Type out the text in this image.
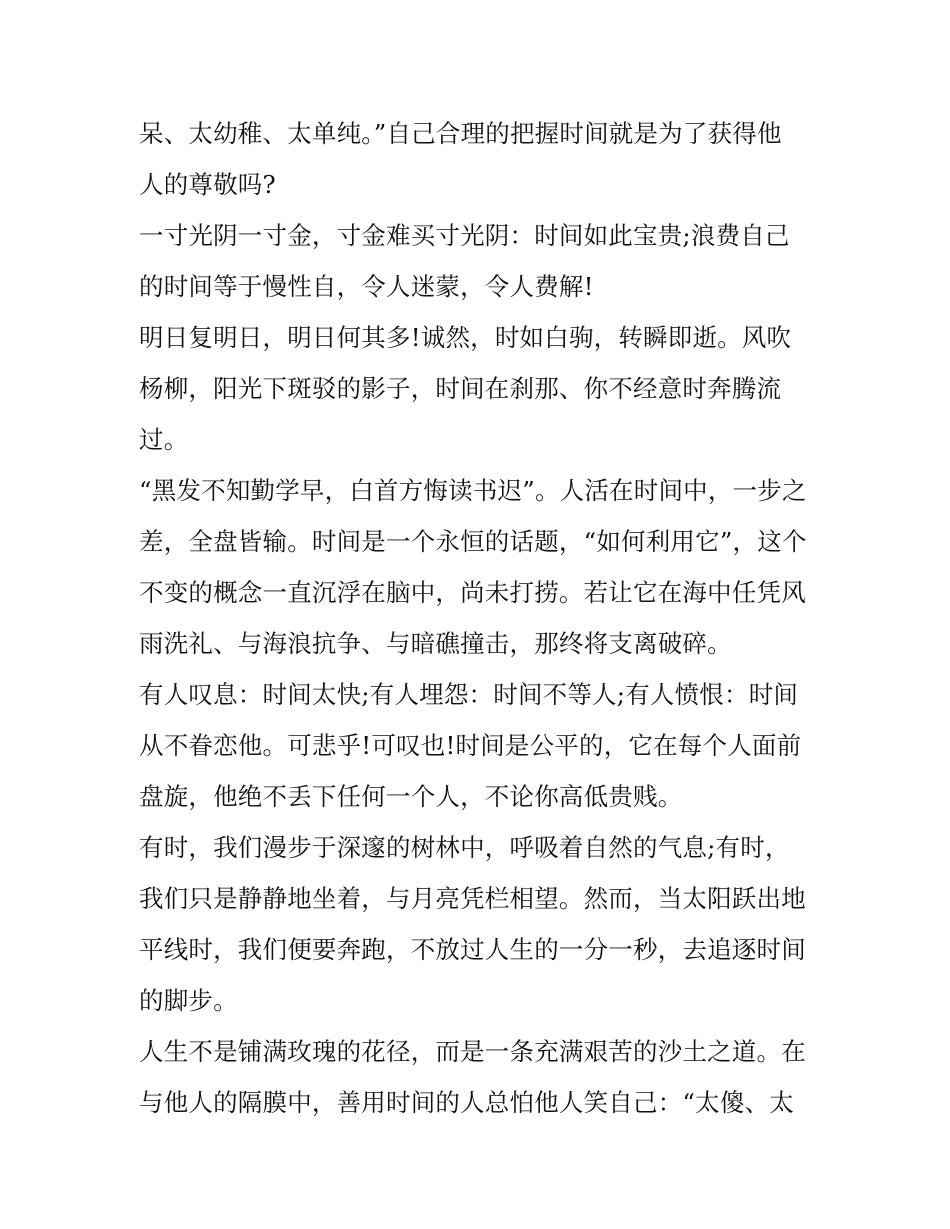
呆、太幼稚、太单纯。”自己合理的把握时间就是为了获得他
人的尊敬吗?
一寸光阴一寸金，寸金难买寸光阴：时间如此宝贵;浪费自己
的时间等于慢性自，令人迷蒙，令人费解!
明日复明日，明日何其多!诚然，时如白驹，转瞬即逝。风吹
杨柳，阳光下斑驳的影子，时间在刹那、你不经意时奔腾流
过。
“黑发不知勤学早，白首方悔读书迟”。人活在时间中，一步之
差，全盘皆输。时间是一个永恒的话题，“如何利用它”，这个
不变的概念一直沉浮在脑中，尚未打捞。若让它在海中任凭风
雨洗礼、与海浪抗争、与暗礁撞击，那终将支离破碎。
有人叹息：时间太快;有人埋怨：时间不等人;有人愤恨：时间
从不眷恋他。可悲乎!可叹也!时间是公平的，它在每个人面前
盘旋，他绝不丢下任何一个人，不论你高低贵贱。
有时，我们漫步于深邃的树林中，呼吸着自然的气息;有时，
我们只是静静地坐着，与月亮凭栏相望。然而，当太阳跃出地
平线时，我们便要奔跑，不放过人生的一分一秒，去追逐时间
的脚步。
人生不是铺满玫瑰的花径，而是一条充满艰苦的沙土之道。在
与他人的隔膜中，善用时间的人总怕他人笑自己：“太傻、太
